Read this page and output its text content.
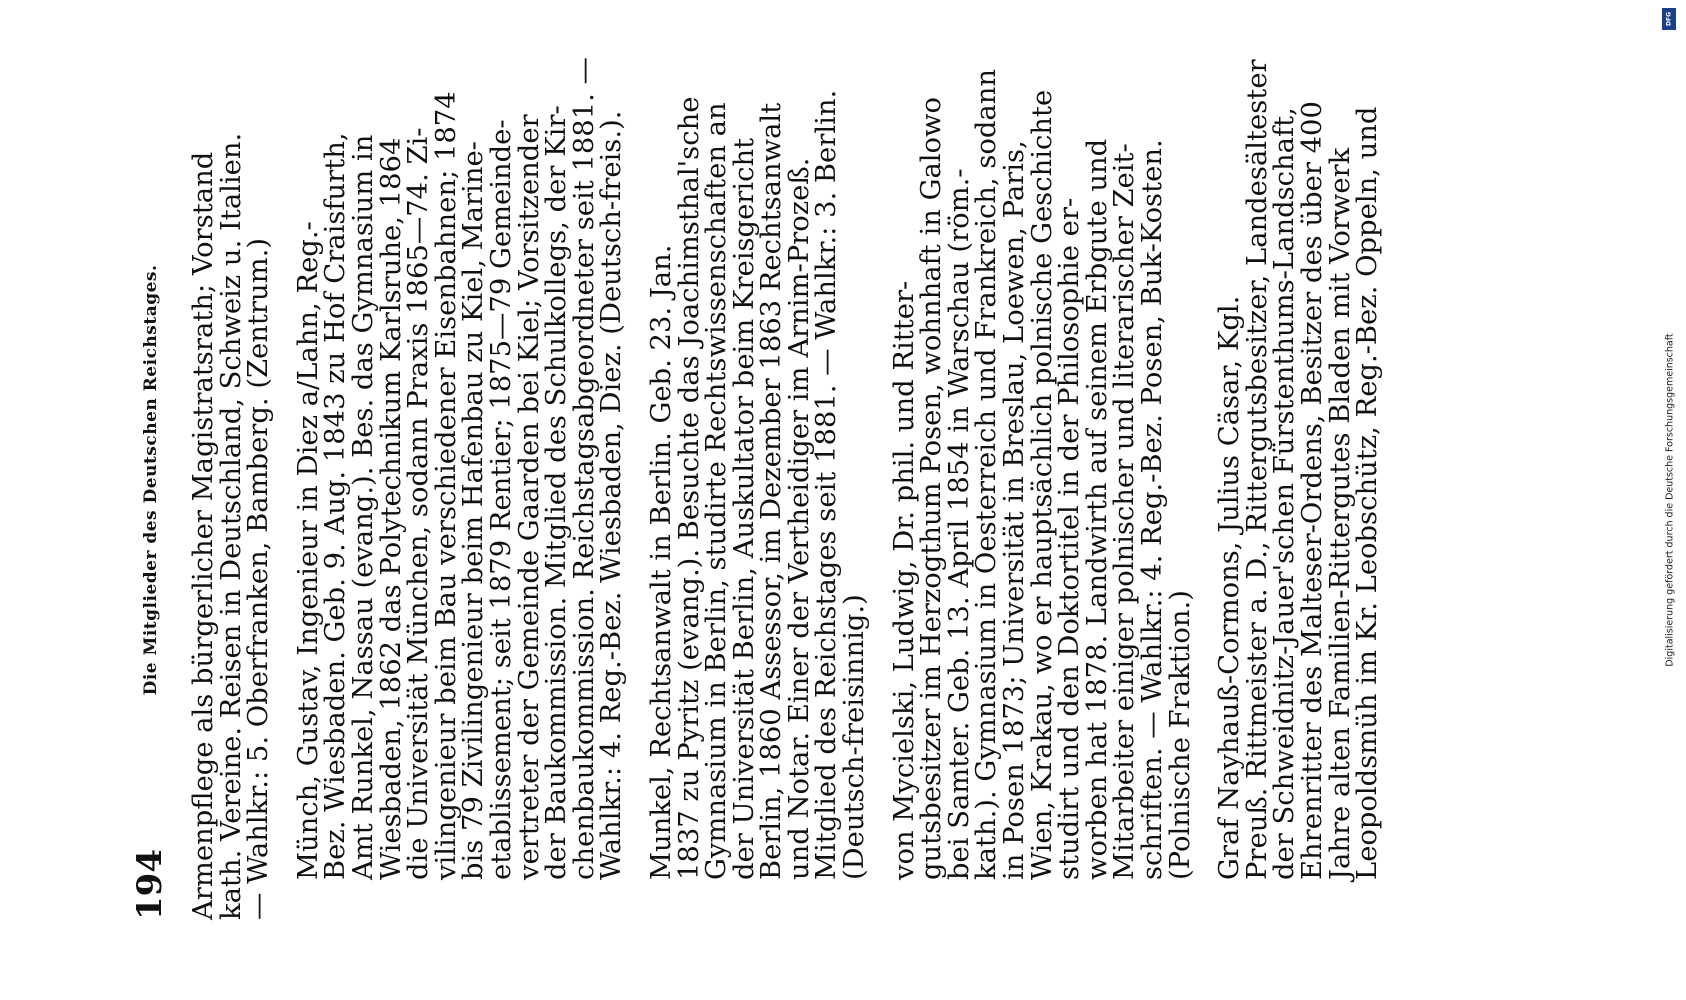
194
Die Mitglieder des Deutschen Reichstages. Armenpflege als bürgerlicher Magistratsrath; Vorstand
kath. Vereine. Reisen in Deutschland, Schweiz u. Italien.
— Wahlkr.: 5. Oberfranken, Bamberg. (Zentrum.) Münch, Gustav, Ingenieur in Diez a/Lahn, Reg.-
Bez. Wiesbaden. Geb. 9. Aug. 1843 zu Hof Craisfurth,
Amt Runkel, Nassau (evang.). Bes. das Gymnasium in
Wiesbaden, 1862 das Polytechnikum Karlsruhe, 1864
die Universität München, sodann Praxis 1865—74. Zi-
vilingenieur beim Bau verschiedener Eisenbahnen; 1874
bis 79 Zivilingenieur beim Hafenbau zu Kiel, Marine-
etablissement; seit 1879 Rentier; 1875—79 Gemeinde-
vertreter der Gemeinde Gaarden bei Kiel; Vorsitzender
der Baukommission. Mitglied des Schulkollegs, der Kir-
chenbaukommission. Reichstagsabgeordneter seit 1881. —
Wahlkr.: 4. Reg.-Bez. Wiesbaden, Diez. (Deutsch-freis.). Munkel, Rechtsanwalt in Berlin. Geb. 23. Jan.
1837 zu Pyritz (evang.). Besuchte das Joachimsthal'sche
Gymnasium in Berlin, studirte Rechtswissenschaften an
der Universität Berlin, Auskultator beim Kreisgericht
Berlin, 1860 Assessor, im Dezember 1863 Rechtsanwalt
und Notar. Einer der Vertheidiger im Arnim-Prozeß.
Mitglied des Reichstages seit 1881. — Wahlkr.: 3. Berlin.
(Deutsch-freisinnig.) von Mycielski, Ludwig, Dr. phil. und Ritter-
gutsbesitzer im Herzogthum Posen, wohnhaft in Galowo
bei Samter. Geb. 13. April 1854 in Warschau (röm.-
kath.). Gymnasium in Oesterreich und Frankreich, sodann
in Posen 1873; Universität in Breslau, Loewen, Paris,
Wien, Krakau, wo er hauptsächlich polnische Geschichte
studirt und den Doktortitel in der Philosophie er-
worben hat 1878. Landwirth auf seinem Erbgute und
Mitarbeiter einiger polnischer und literarischer Zeit-
schriften. — Wahlkr.: 4. Reg.-Bez. Posen, Buk-Kosten.
(Polnische Fraktion.) Graf Nayhauß-Cormons, Julius Cäsar, Kgl.
Preuß. Rittmeister a. D., Rittergutsbesitzer, Landesältester
der Schweidnitz-Jauer'schen Fürstenthums-Landschaft,
Ehrenritter des Malteser-Ordens, Besitzer des über 400
Jahre alten Familien-Rittergutes Bladen mit Vorwerk
Leopoldsmüh im Kr. Leobschütz, Reg.-Bez. Oppeln, und

DFG
Digitalisierung gefördert durch die Deutsche Forschungsgemeinschaft
